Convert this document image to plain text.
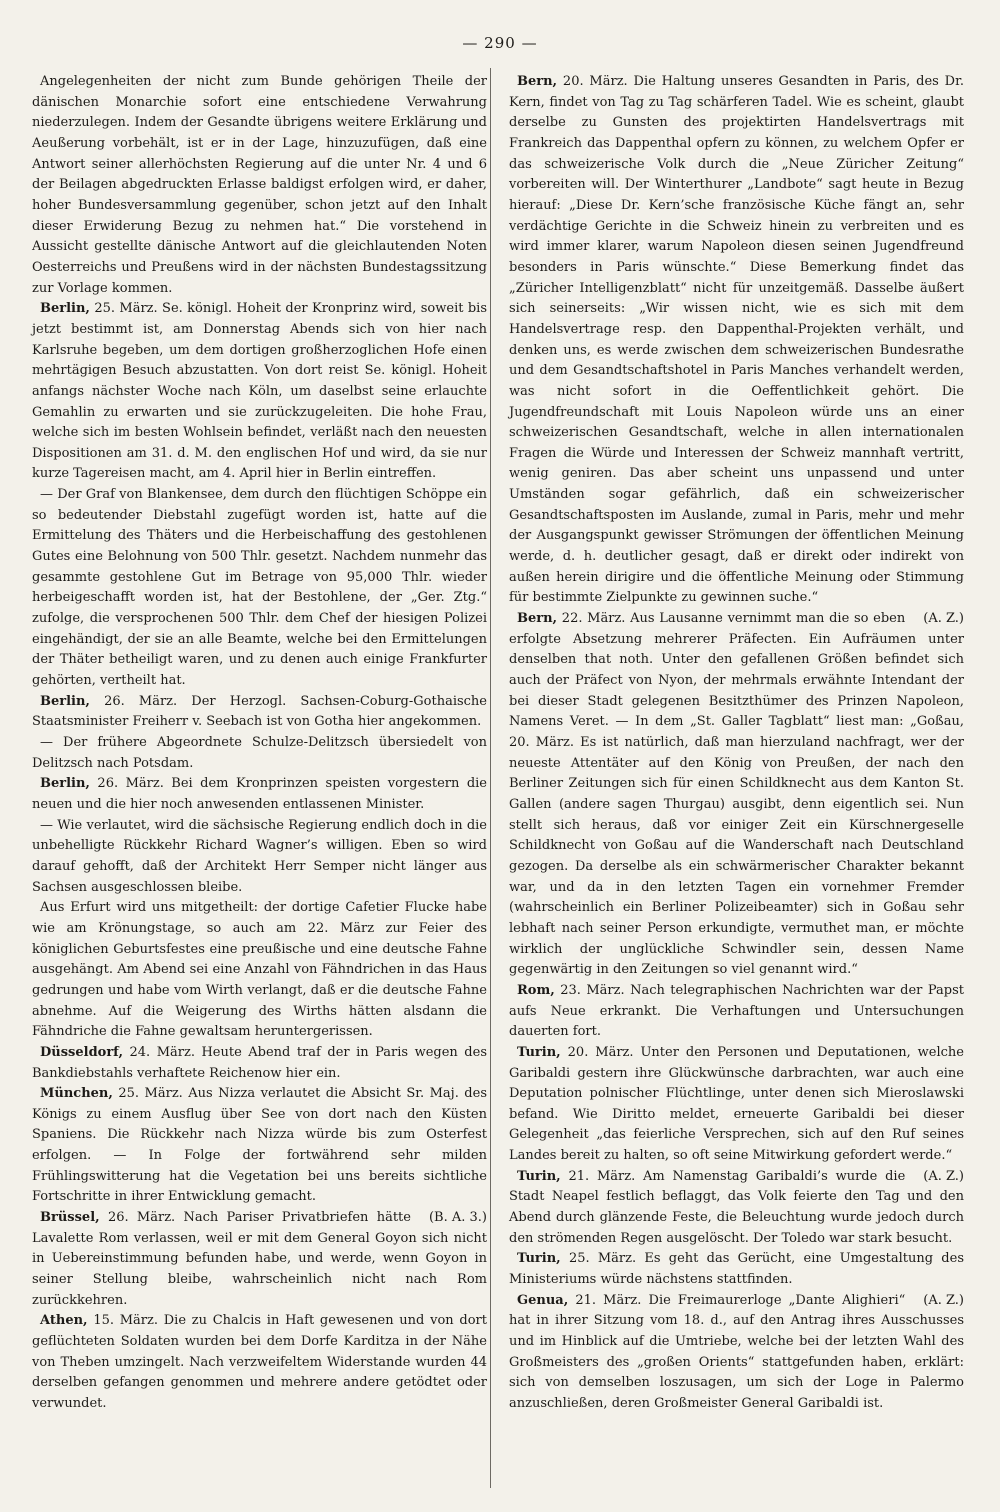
— 290 —

Angelegenheiten der nicht zum Bunde gehörigen Theile der dänischen Monarchie sofort eine entschiedene Verwahrung niederzulegen. Indem der Gesandte übrigens weitere Erklärung und Aeußerung vorbehält, ist er in der Lage, hinzuzufügen, daß eine Antwort seiner allerhöchsten Regierung auf die unter Nr. 4 und 6 der Beilagen abgedruckten Erlasse baldigst erfolgen wird, er daher, hoher Bundesversammlung gegenüber, schon jetzt auf den Inhalt dieser Erwiderung Bezug zu nehmen hat.“ Die vorstehend in Aussicht gestellte dänische Antwort auf die gleichlautenden Noten Oesterreichs und Preußens wird in der nächsten Bundestagssitzung zur Vorlage kommen.

Berlin, 25. März. Se. königl. Hoheit der Kronprinz wird, soweit bis jetzt bestimmt ist, am Donnerstag Abends sich von hier nach Karlsruhe begeben, um dem dortigen großherzoglichen Hofe einen mehrtägigen Besuch abzustatten. Von dort reist Se. königl. Hoheit anfangs nächster Woche nach Köln, um daselbst seine erlauchte Gemahlin zu erwarten und sie zurückzugeleiten. Die hohe Frau, welche sich im besten Wohlsein befindet, verläßt nach den neuesten Dispositionen am 31. d. M. den englischen Hof und wird, da sie nur kurze Tagereisen macht, am 4. April hier in Berlin eintreffen.

— Der Graf von Blankensee, dem durch den flüchtigen Schöppe ein so bedeutender Diebstahl zugefügt worden ist, hatte auf die Ermittelung des Thäters und die Herbeischaffung des gestohlenen Gutes eine Belohnung von 500 Thlr. gesetzt. Nachdem nunmehr das gesammte gestohlene Gut im Betrage von 95,000 Thlr. wieder herbeigeschafft worden ist, hat der Bestohlene, der „Ger. Ztg.“ zufolge, die versprochenen 500 Thlr. dem Chef der hiesigen Polizei eingehändigt, der sie an alle Beamte, welche bei den Ermittelungen der Thäter betheiligt waren, und zu denen auch einige Frankfurter gehörten, vertheilt hat.

Berlin, 26. März. Der Herzogl. Sachsen-Coburg-Gothaische Staatsminister Freiherr v. Seebach ist von Gotha hier angekommen.

— Der frühere Abgeordnete Schulze-Delitzsch übersiedelt von Delitzsch nach Potsdam.

Berlin, 26. März. Bei dem Kronprinzen speisten vorgestern die neuen und die hier noch anwesenden entlassenen Minister.

— Wie verlautet, wird die sächsische Regierung endlich doch in die unbehelligte Rückkehr Richard Wagner’s willigen. Eben so wird darauf gehofft, daß der Architekt Herr Semper nicht länger aus Sachsen ausgeschlossen bleibe.

Aus Erfurt wird uns mitgetheilt: der dortige Cafetier Flucke habe wie am Krönungstage, so auch am 22. März zur Feier des königlichen Geburtsfestes eine preußische und eine deutsche Fahne ausgehängt. Am Abend sei eine Anzahl von Fähndrichen in das Haus gedrungen und habe vom Wirth verlangt, daß er die deutsche Fahne abnehme. Auf die Weigerung des Wirths hätten alsdann die Fähndriche die Fahne gewaltsam heruntergerissen.

Düsseldorf, 24. März. Heute Abend traf der in Paris wegen des Bankdiebstahls verhaftete Reichenow hier ein.

München, 25. März. Aus Nizza verlautet die Absicht Sr. Maj. des Königs zu einem Ausflug über See von dort nach den Küsten Spaniens. Die Rückkehr nach Nizza würde bis zum Osterfest erfolgen. — In Folge der fortwährend sehr milden Frühlingswitterung hat die Vegetation bei uns bereits sichtliche Fortschritte in ihrer Entwicklung gemacht.

(B. A. 3.)
Brüssel, 26. März. Nach Pariser Privatbriefen hätte Lavalette Rom verlassen, weil er mit dem General Goyon sich nicht in Uebereinstimmung befunden habe, und werde, wenn Goyon in seiner Stellung bleibe, wahrscheinlich nicht nach Rom zurückkehren.

Athen, 15. März. Die zu Chalcis in Haft gewesenen und von dort geflüchteten Soldaten wurden bei dem Dorfe Karditza in der Nähe von Theben umzingelt. Nach verzweifeltem Widerstande wurden 44 derselben gefangen genommen und mehrere andere getödtet oder verwundet.

Bern, 20. März. Die Haltung unseres Gesandten in Paris, des Dr. Kern, findet von Tag zu Tag schärferen Tadel. Wie es scheint, glaubt derselbe zu Gunsten des projektirten Handelsvertrags mit Frankreich das Dappenthal opfern zu können, zu welchem Opfer er das schweizerische Volk durch die „Neue Züricher Zeitung“ vorbereiten will. Der Winterthurer „Landbote“ sagt heute in Bezug hierauf: „Diese Dr. Kern’sche französische Küche fängt an, sehr verdächtige Gerichte in die Schweiz hinein zu verbreiten und es wird immer klarer, warum Napoleon diesen seinen Jugendfreund besonders in Paris wünschte.“ Diese Bemerkung findet das „Züricher Intelligenzblatt“ nicht für unzeitgemäß. Dasselbe äußert sich seinerseits: „Wir wissen nicht, wie es sich mit dem Handelsvertrage resp. den Dappenthal-Projekten verhält, und denken uns, es werde zwischen dem schweizerischen Bundesrathe und dem Gesandtschaftshotel in Paris Manches verhandelt werden, was nicht sofort in die Oeffentlichkeit gehört. Die Jugendfreundschaft mit Louis Napoleon würde uns an einer schweizerischen Gesandtschaft, welche in allen internationalen Fragen die Würde und Interessen der Schweiz mannhaft vertritt, wenig geniren. Das aber scheint uns unpassend und unter Umständen sogar gefährlich, daß ein schweizerischer Gesandtschaftsposten im Auslande, zumal in Paris, mehr und mehr der Ausgangspunkt gewisser Strömungen der öffentlichen Meinung werde, d. h. deutlicher gesagt, daß er direkt oder indirekt von außen herein dirigire und die öffentliche Meinung oder Stimmung für bestimmte Zielpunkte zu gewinnen suche.“

(A. Z.)
Bern, 22. März. Aus Lausanne vernimmt man die so eben erfolgte Absetzung mehrerer Präfecten. Ein Aufräumen unter denselben that noth. Unter den gefallenen Größen befindet sich auch der Präfect von Nyon, der mehrmals erwähnte Intendant der bei dieser Stadt gelegenen Besitzthümer des Prinzen Napoleon, Namens Veret. — In dem „St. Galler Tagblatt“ liest man: „Goßau, 20. März. Es ist natürlich, daß man hierzuland nachfragt, wer der neueste Attentäter auf den König von Preußen, der nach den Berliner Zeitungen sich für einen Schildknecht aus dem Kanton St. Gallen (andere sagen Thurgau) ausgibt, denn eigentlich sei. Nun stellt sich heraus, daß vor einiger Zeit ein Kürschnergeselle Schildknecht von Goßau auf die Wanderschaft nach Deutschland gezogen. Da derselbe als ein schwärmerischer Charakter bekannt war, und da in den letzten Tagen ein vornehmer Fremder (wahrscheinlich ein Berliner Polizeibeamter) sich in Goßau sehr lebhaft nach seiner Person erkundigte, vermuthet man, er möchte wirklich der unglückliche Schwindler sein, dessen Name gegenwärtig in den Zeitungen so viel genannt wird.“

Rom, 23. März. Nach telegraphischen Nachrichten war der Papst aufs Neue erkrankt. Die Verhaftungen und Untersuchungen dauerten fort.

Turin, 20. März. Unter den Personen und Deputationen, welche Garibaldi gestern ihre Glückwünsche darbrachten, war auch eine Deputation polnischer Flüchtlinge, unter denen sich Mieroslawski befand. Wie Diritto meldet, erneuerte Garibaldi bei dieser Gelegenheit „das feierliche Versprechen, sich auf den Ruf seines Landes bereit zu halten, so oft seine Mitwirkung gefordert werde.“

(A. Z.)
Turin, 21. März. Am Namenstag Garibaldi’s wurde die Stadt Neapel festlich beflaggt, das Volk feierte den Tag und den Abend durch glänzende Feste, die Beleuchtung wurde jedoch durch den strömenden Regen ausgelöscht. Der Toledo war stark besucht.

Turin, 25. März. Es geht das Gerücht, eine Umgestaltung des Ministeriums würde nächstens stattfinden.

(A. Z.)
Genua, 21. März. Die Freimaurerloge „Dante Alighieri“ hat in ihrer Sitzung vom 18. d., auf den Antrag ihres Ausschusses und im Hinblick auf die Umtriebe, welche bei der letzten Wahl des Großmeisters des „großen Orients“ stattgefunden haben, erklärt: sich von demselben loszusagen, um sich der Loge in Palermo anzuschließen, deren Großmeister General Garibaldi ist.
